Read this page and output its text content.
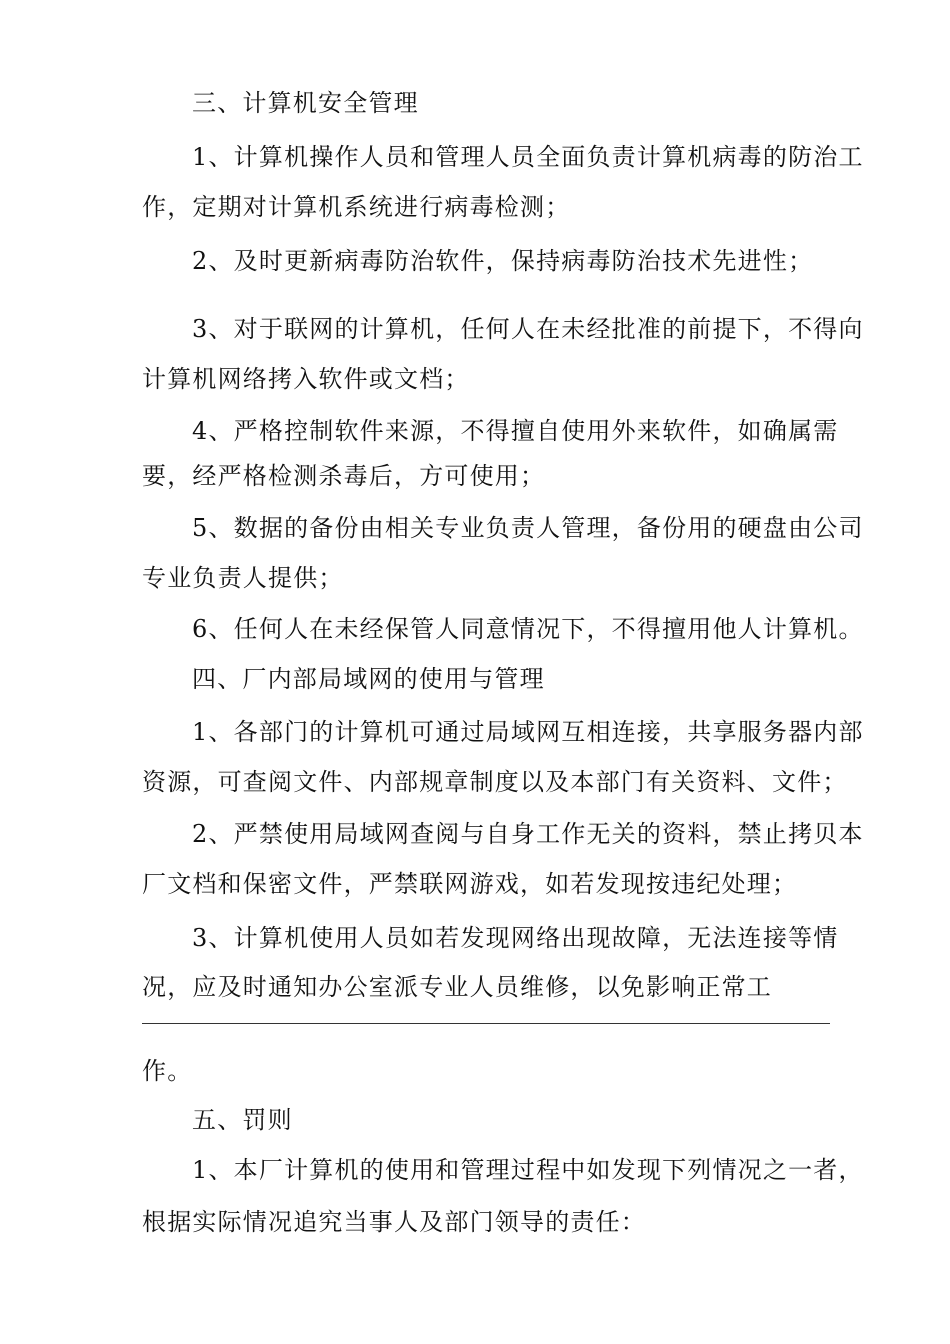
三、计算机安全管理
1、计算机操作人员和管理人员全面负责计算机病毒的防治工
作，定期对计算机系统进行病毒检测；
2、及时更新病毒防治软件，保持病毒防治技术先进性；
3、对于联网的计算机，任何人在未经批准的前提下，不得向
计算机网络拷入软件或文档；
4、严格控制软件来源，不得擅自使用外来软件，如确属需
要，经严格检测杀毒后，方可使用；
5、数据的备份由相关专业负责人管理，备份用的硬盘由公司
专业负责人提供；
6、任何人在未经保管人同意情况下，不得擅用他人计算机。
四、厂内部局域网的使用与管理
1、各部门的计算机可通过局域网互相连接，共享服务器内部
资源，可查阅文件、内部规章制度以及本部门有关资料、文件；
2、严禁使用局域网查阅与自身工作无关的资料，禁止拷贝本
厂文档和保密文件，严禁联网游戏，如若发现按违纪处理；
3、计算机使用人员如若发现网络出现故障，无法连接等情
况，应及时通知办公室派专业人员维修，以免影响正常工
作。
五、罚则
1、本厂计算机的使用和管理过程中如发现下列情况之一者，
根据实际情况追究当事人及部门领导的责任：
